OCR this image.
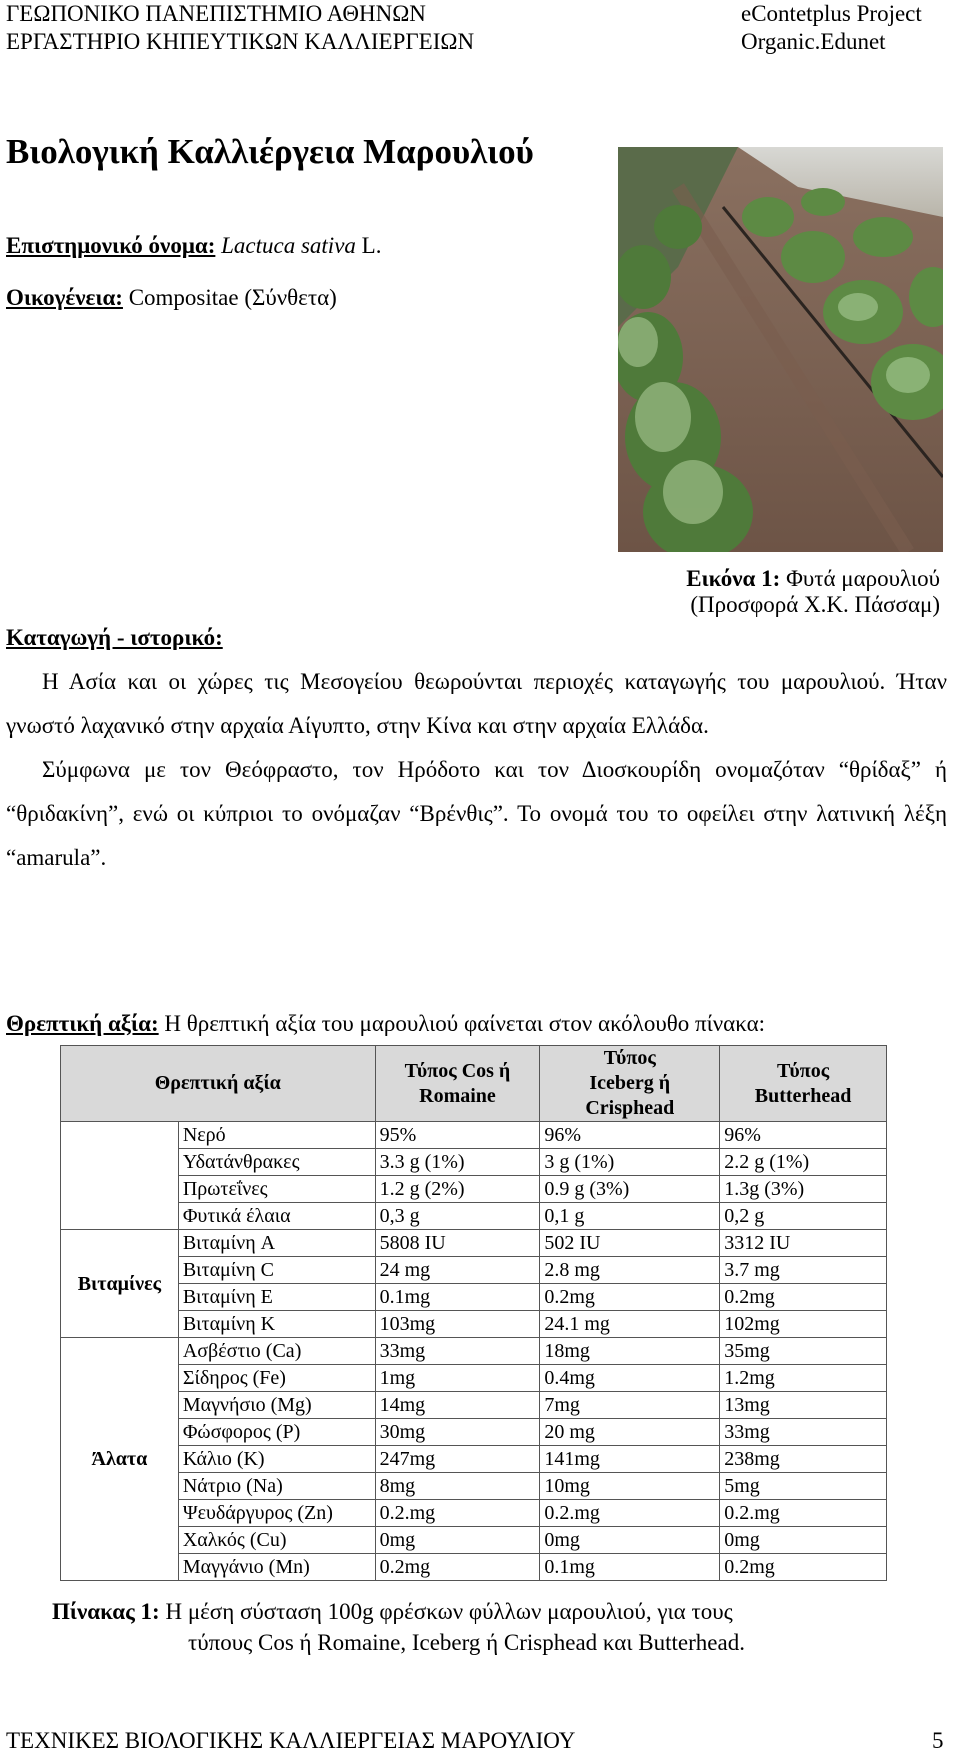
ΓΕΩΠΟΝΙΚΟ ΠΑΝΕΠΙΣΤΗΜΙΟ ΑΘΗΝΩΝ
ΕΡΓΑΣΤΗΡΙΟ ΚΗΠΕΥΤΙΚΩΝ ΚΑΛΛΙΕΡΓΕΙΩΝ
eContetplus Project
Organic.Edunet
Βιολογική Καλλιέργεια Μαρουλιού
Επιστημονικό όνομα: Lactuca sativa L.
Οικογένεια: Compositae (Σύνθετα)
Εικόνα 1: Φυτά μαρουλιού
(Προσφορά Χ.Κ. Πάσσαμ)
Καταγωγή - ιστορικό:

Η Ασία και οι χώρες τις Μεσογείου θεωρούνται περιοχές καταγωγής του μαρουλιού. Ήταν γνωστό λαχανικό στην αρχαία Αίγυπτο, στην Κίνα και στην αρχαία Ελλάδα.

Σύμφωνα με τον Θεόφραστο, τον Ηρόδοτο και τον Διοσκουρίδη ονομαζόταν “θρίδαξ” ή “θριδακίνη”, ενώ οι κύπριοι το ονόμαζαν “Βρένθις”. Το ονομά του το οφείλει στην λατινική λέξη “amarula”.

Θρεπτική αξία: Η θρεπτική αξία του μαρουλιού φαίνεται στον ακόλουθο πίνακα:
Θρεπτική αξία		Τύπος Cos ή Romaine	Τύπος Iceberg ή Crisphead	Τύπος Butterhead
	Νερό	95%	96%	96%
	Υδατάνθρακες	3.3 g (1%)	3 g (1%)	2.2 g (1%)
	Πρωτεΐνες	1.2 g (2%)	0.9 g (3%)	1.3g (3%)
	Φυτικά έλαια	0,3 g	0,1 g	0,2 g
Βιταμίνες	Βιταμίνη A	5808 IU	502 IU	3312 IU
	Βιταμίνη C	24 mg	2.8 mg	3.7 mg
	Βιταμίνη E	0.1mg	0.2mg	0.2mg
	Βιταμίνη K	103mg	24.1 mg	102mg
Άλατα	Ασβέστιο (Ca)	33mg	18mg	35mg
	Σίδηρος (Fe)	1mg	0.4mg	1.2mg
	Μαγνήσιο (Mg)	14mg	7mg	13mg
	Φώσφορος (P)	30mg	20 mg	33mg
	Κάλιο (K)	247mg	141mg	238mg
	Νάτριο (Na)	8mg	10mg	5mg
	Ψευδάργυρος (Zn)	0.2.mg	0.2.mg	0.2.mg
	Χαλκός (Cu)	0mg	0mg	0mg
	Μαγγάνιο (Mn)	0.2mg	0.1mg	0.2mg
Πίνακας 1: Η μέση σύσταση 100g φρέσκων φύλλων μαρουλιού, για τους
τύπους Cos ή Romaine, Iceberg ή Crisphead και Butterhead.
ΤΕΧΝΙΚΕΣ ΒΙΟΛΟΓΙΚΗΣ ΚΑΛΛΙΕΡΓΕΙΑΣ ΜΑΡΟΥΛΙΟΥ	5
